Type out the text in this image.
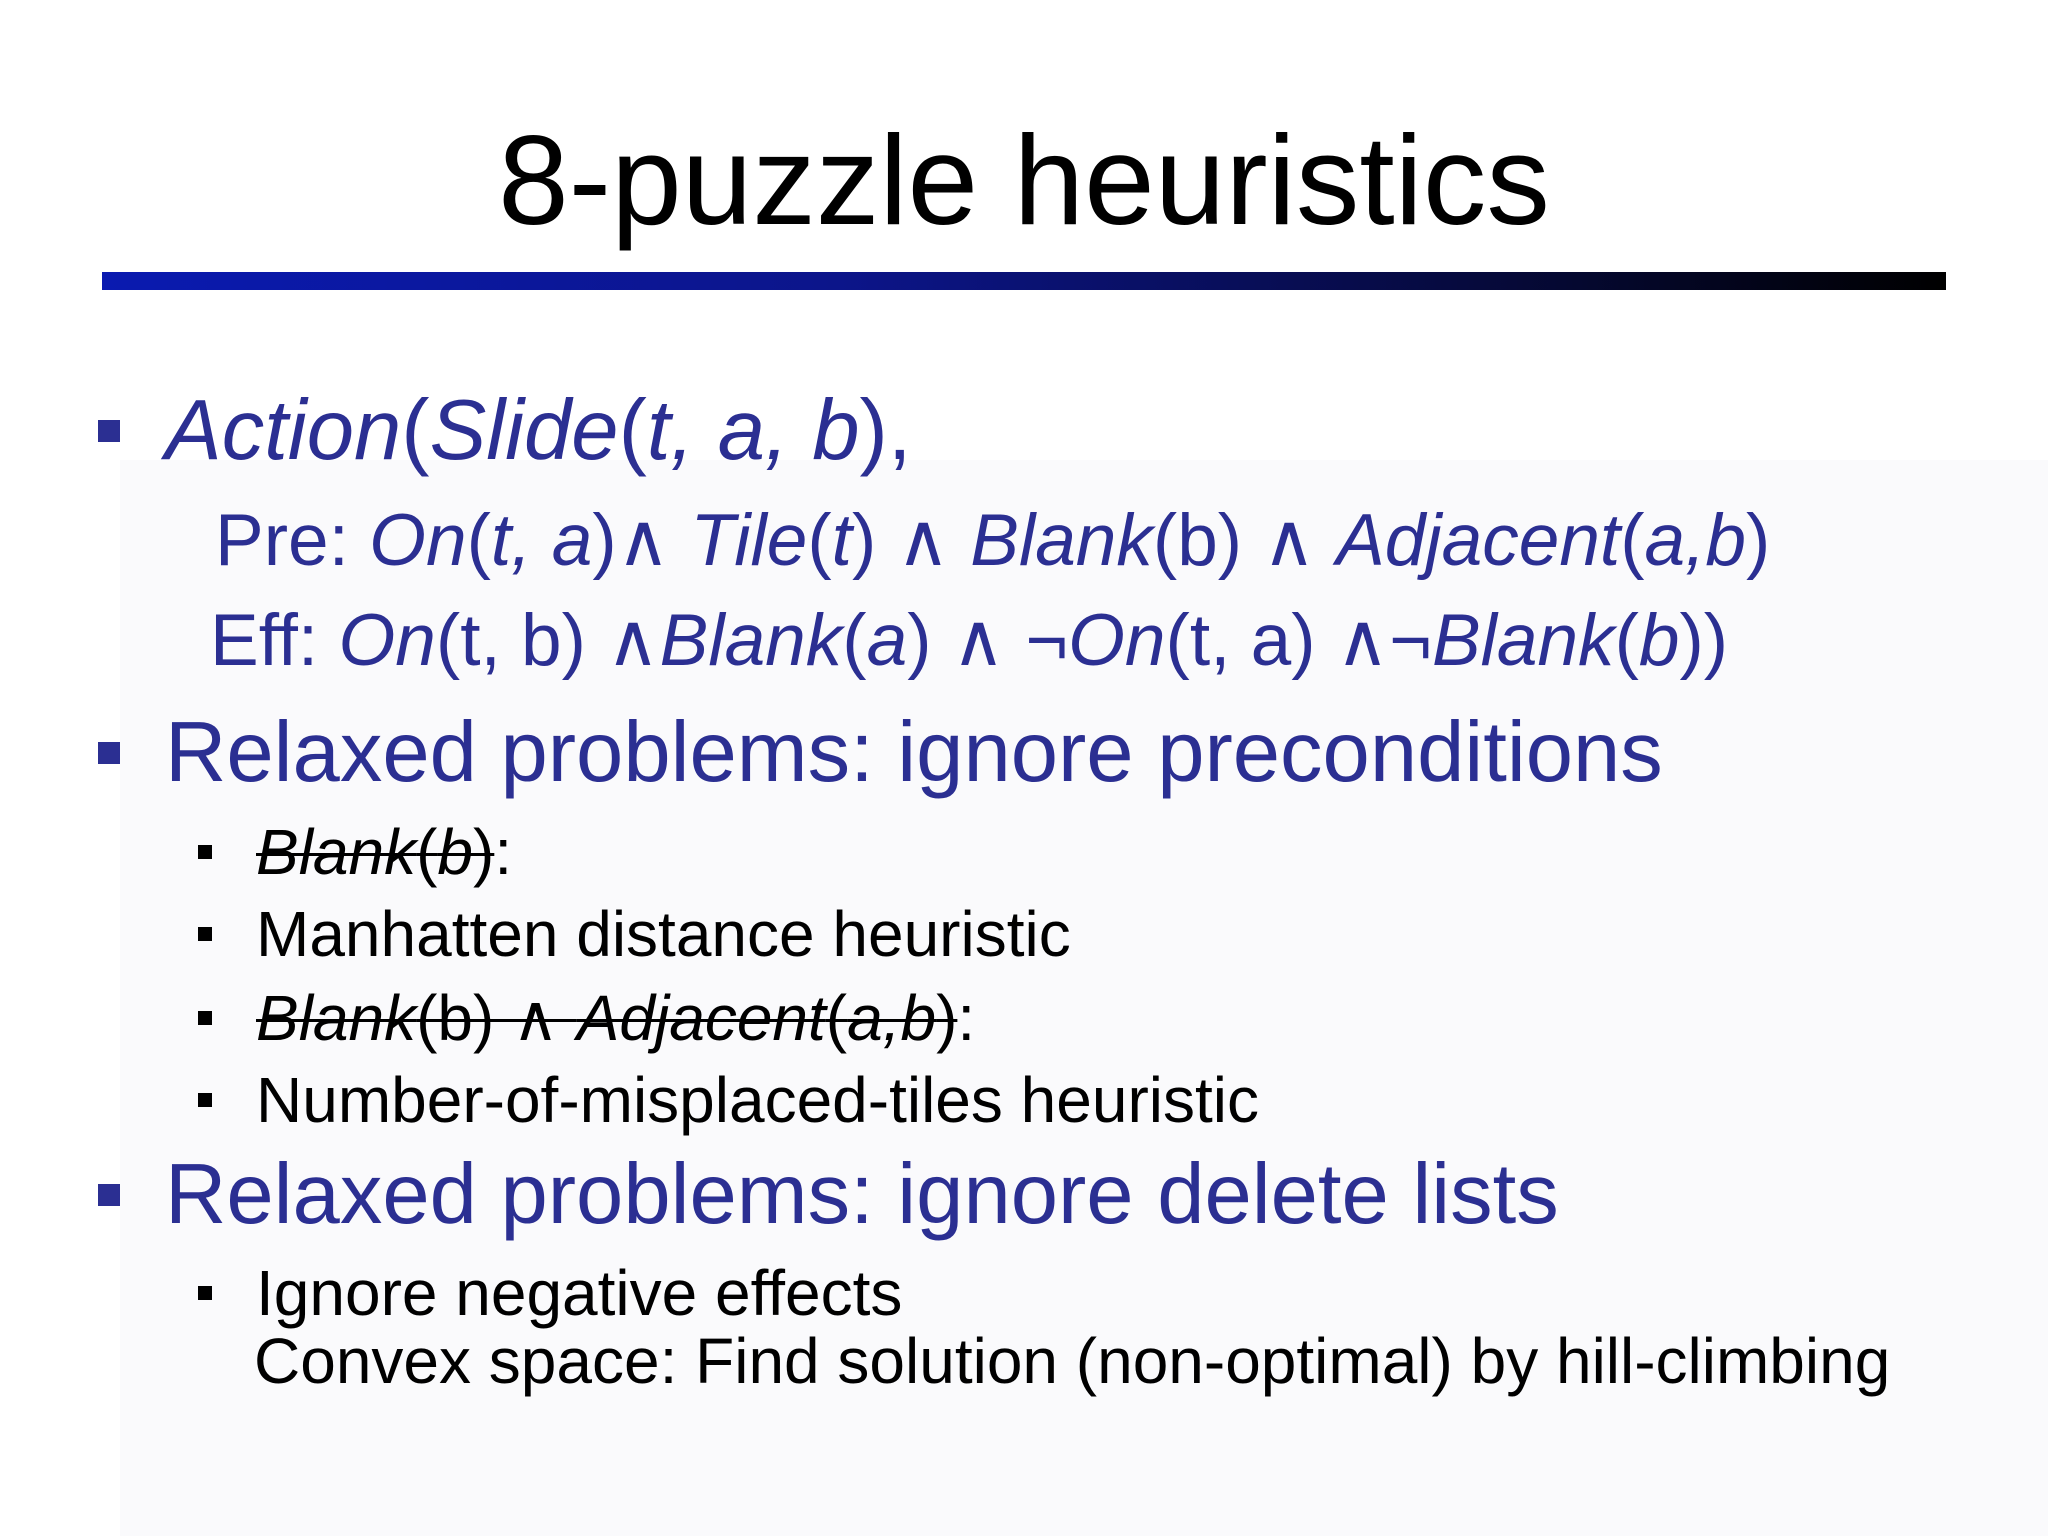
8-puzzle heuristics
Action(Slide(t, a, b),
Pre: On(t, a)∧ Tile(t) ∧ Blank(b) ∧ Adjacent(a,b)
Eff: On(t, b) ∧Blank(a) ∧ ¬On(t, a) ∧¬Blank(b))
Relaxed problems: ignore preconditions
Blank(b):
Manhatten distance heuristic
Blank(b) ∧ Adjacent(a,b):
Number-of-misplaced-tiles heuristic
Relaxed problems: ignore delete lists
Ignore negative effects
Convex space: Find solution (non-optimal) by hill-climbing
